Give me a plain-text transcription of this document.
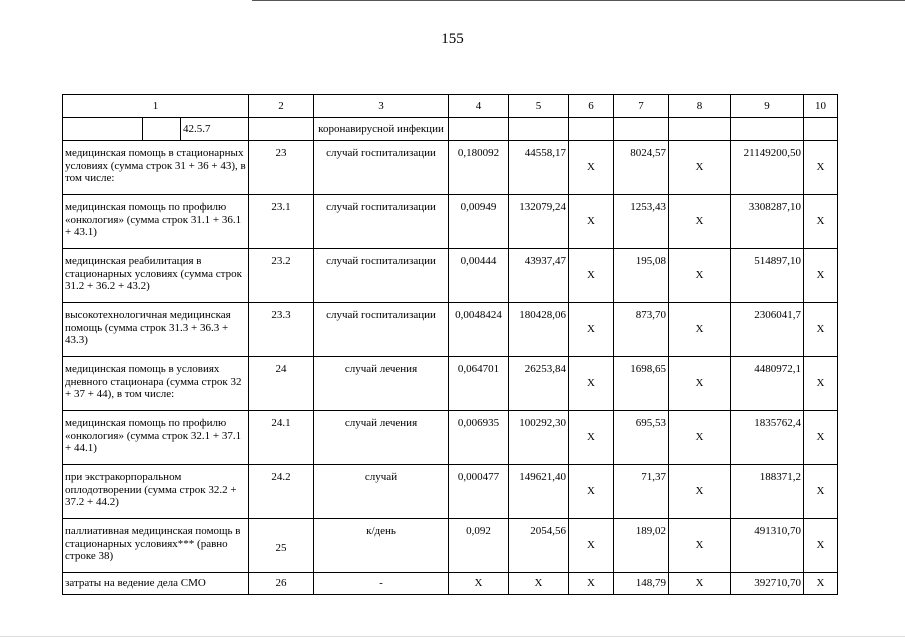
155
1			2	3	4	5	6	7	8	9	10
		42.5.7		коронавирусной инфекции							
медицинская помощь в стационарных условиях (сумма строк 31 + 36 + 43), в том числе:			23	случай госпитализации	0,180092	44558,17	X	8024,57	X	21149200,50	X
медицинская помощь по профилю «онкология» (сумма строк 31.1 + 36.1 + 43.1)			23.1	случай госпитализации	0,00949	132079,24	X	1253,43	X	3308287,10	X
медицинская реабилитация в стационарных условиях (сумма строк 31.2 + 36.2 + 43.2)			23.2	случай госпитализации	0,00444	43937,47	X	195,08	X	514897,10	X
высокотехнологичная медицинская помощь (сумма строк 31.3 + 36.3 + 43.3)			23.3	случай госпитализации	0,0048424	180428,06	X	873,70	X	2306041,7	X
медицинская помощь в условиях дневного стационара (сумма строк 32 + 37 + 44), в том числе:			24	случай лечения	0,064701	26253,84	X	1698,65	X	4480972,1	X
медицинская помощь по профилю «онкология» (сумма строк 32.1 + 37.1 + 44.1)			24.1	случай лечения	0,006935	100292,30	X	695,53	X	1835762,4	X
при экстракорпоральном оплодотворении (сумма строк 32.2 + 37.2 + 44.2)			24.2	случай	0,000477	149621,40	X	71,37	X	188371,2	X
паллиативная медицинская помощь в стационарных условиях*** (равно строке 38)			25	к/день	0,092	2054,56	X	189,02	X	491310,70	X
затраты на ведение дела СМО			26	-	X	X	X	148,79	X	392710,70	X
